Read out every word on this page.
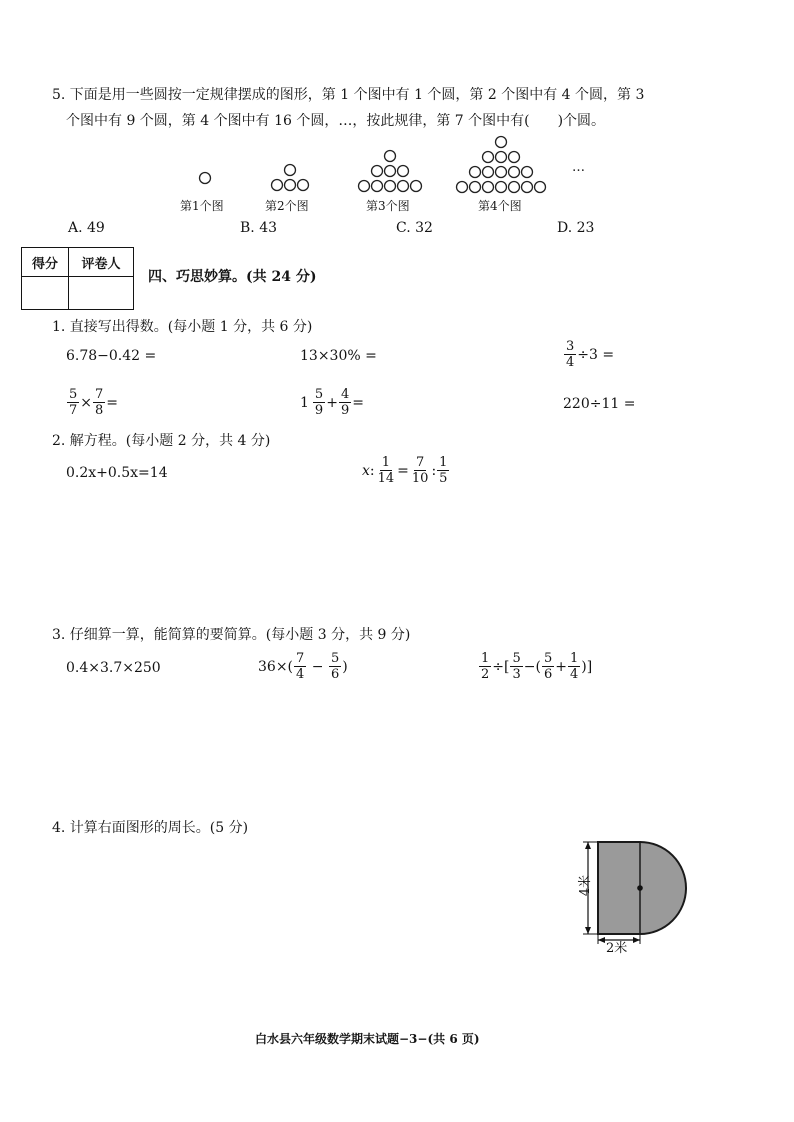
5. 下面是用一些圆按一定规律摆成的图形，第 1 个图中有 1 个圆，第 2 个图中有 4 个圆，第 3
个图中有 9 个圆，第 4 个图中有 16 个圆，…，按此规律，第 7 个图中有(　　)个圆。
…
第1个图	第2个图	第3个图	第4个图
A. 49	B. 43	C. 32	D. 23
得分	评卷人

四、巧思妙算。(共 24 分)
1. 直接写出得数。(每小题 1 分，共 6 分)
6.78−0.42 =	13×30% =	$\frac{3}{4} \div 3$ =
$\frac{5}{7} \times \frac{7}{8}$ =	$1 \frac{5}{9} + \frac{4}{9}$ =	220÷11 =
2. 解方程。(每小题 2 分，共 4 分)
0.2x+0.5x=14	x : $\frac{1}{14} = \frac{7}{10}$ : $\frac{1}{5}$
3. 仔细算一算，能简算的要简算。(每小题 3 分，共 9 分)
0.4×3.7×250	$36\times( \frac{7}{4} - \frac{5}{6}$ )	$\frac{1}{2}$ ÷[ $\frac{5}{3}$ −( $\frac{5}{6} + \frac{1}{4}$ )]
4. 计算右面图形的周长。(5 分)
4米
2米
白水县六年级数学期末试题−3−(共 6 页)
